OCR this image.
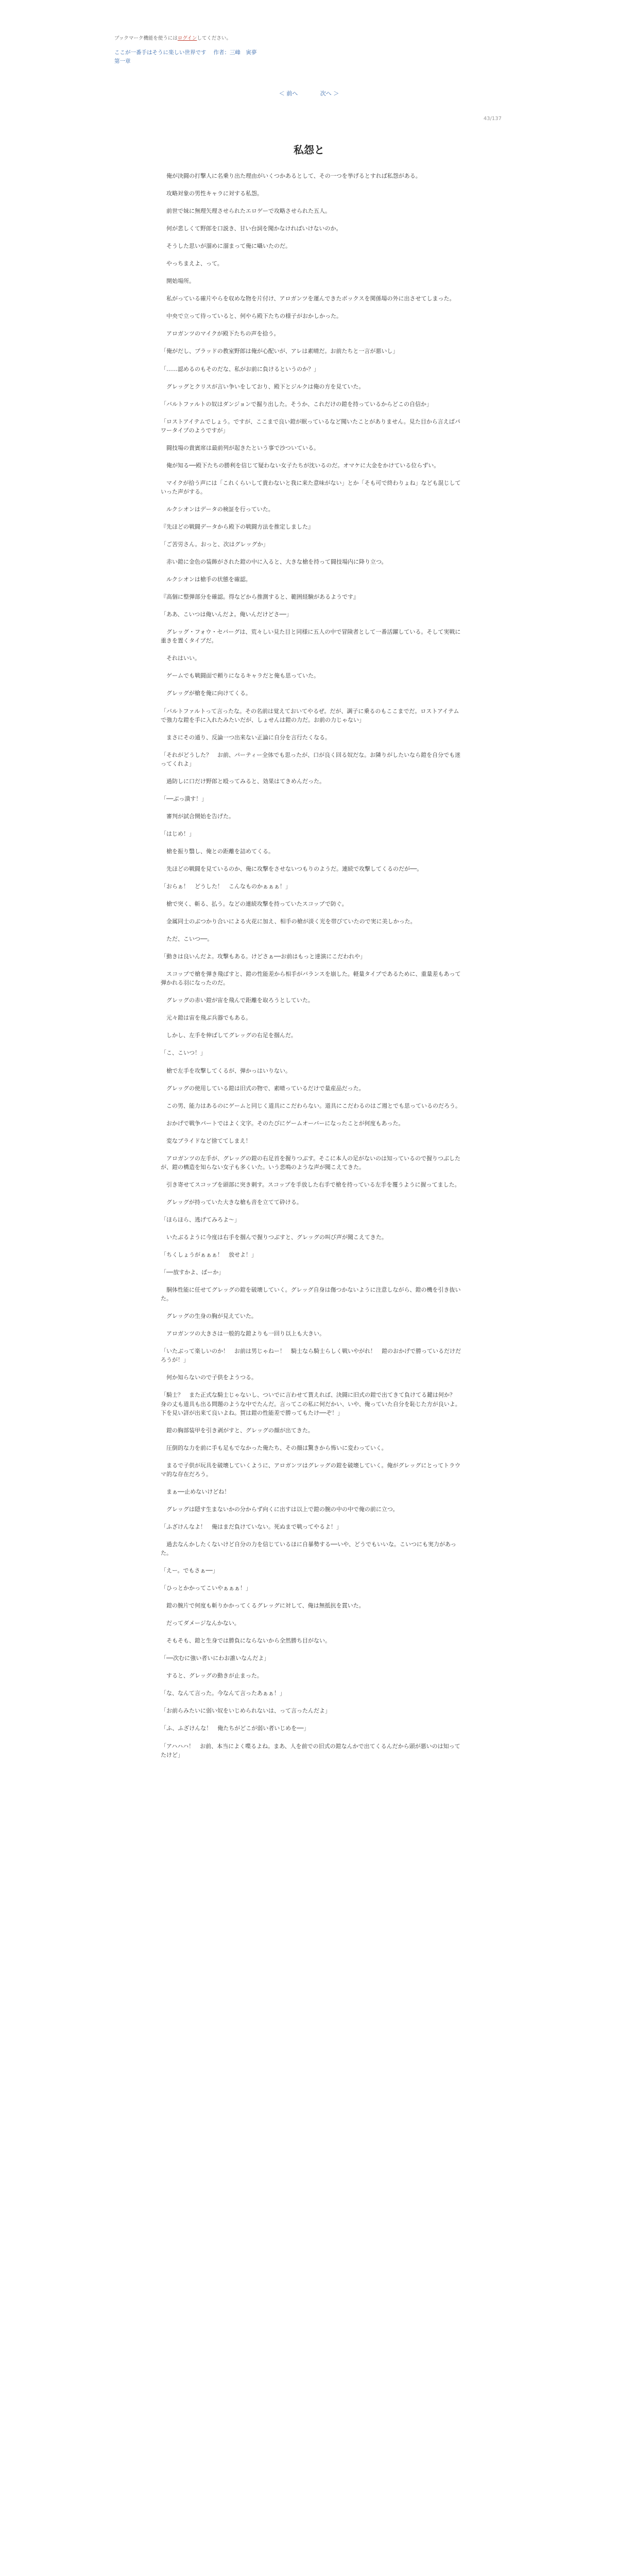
ブックマーク機能を使うにはログインしてください。
ここが一番手はそうに楽しい世界です 作者：三峰　寅夢
第一章
＜ 前へ	次へ ＞
43/137
私怨と

　俺が決闘の打撃人に名乗り出た理由がいくつかあるとして、その一つを挙げるとすれば私怨がある。

　攻略対象の男性キャラに対する私怨。

　前世で妹に無理矢理させられたエロゲーで攻略させられた五人。

　何が悲しくて野郎を口説き、甘い台詞を聞かなければいけないのか。

　そうした思いが溜めに溜まって俺に囁いたのだ。

　やっちまえよ、って。

　開始場所。

　私がっている確片やらを収めな物を片付け、アロガンツを運んできたボックスを関係場の外に出させてしまった。

　中央で立って待っていると、何やら殿下たちの様子がおかしかった。

　アロガンツのマイクが殿下たちの声を拾う。

「俺がだし、ブラッドの教室野郎は俺が心配いが、アレは素晴だ。お前たちと一言が悪いし」

「……認めるのもそのだな、私がお前に負けるというのか？」

　グレッグとクリスが言い争いをしており、殿下とジルクは俺の方を見ていた。

「バルトファルトの奴はダンジョンで掘り出した。そうか、これだけの鎧を持っているからどこの自信か」

「ロストアイテムでしょう。ですが、ここまで良い鎧が眠っているなど聞いたことがありません。見た目から言えばパワータイプのようですが」

　闘技場の貴賓席は最前列が起きたという事で沙ついている。

　俺が知る──殿下たちの勝利を信じて疑わない女子たちが沈いるのだ。オマケに大金をかけている位らずい。

　マイクが拾う声には「これくらいして貴わないと我に来た意味がない」とか「そも可で終わりょね」なども混じしていった声がする。

　ルクシオンはデータの検証を行っていた。

『先ほどの戦闘データから殿下の戦闘方法を推定しました』

「ご苦労さん。おっと、次はグレッグか」

　赤い鎧に金色の装飾がされた鎧の中に入ると、大きな槍を持って闘技場内に降り立つ。

　ルクシオンは槍手の状態を確認。

『高個に整弾部分を確認。得などから推測すると、範囲経験があるようです』

「ああ、こいつは俺いんだよ。俺いんだけどさ──」

　グレッグ・フォウ・セバーグは、荒々しい見た目と同様に五人の中で冒険者として一番活躍している。そして実戦に重きを置くタイプだ。

　それはいい。

　ゲームでも戦闘面で頼りになるキャラだと俺も思っていた。

　グレッグが槍を俺に向けてくる。

「バルトファルトって言ったな。その名前は覚えておいてやるぜ。だが、調子に乗るのもここまでだ。ロストアイテムで強力な鎧を手に入れたみたいだが、しょせんは鎧の力だ。お前の力じゃない」

　まさにその通り、反論一つ出来ない正論に自分を言行たくなる。

「それがどうした？　お前、パーティー全体でも思ったが、口が良く回る奴だな。お隣りがしたいなら鎧を自分でも迷ってくれよ」

　過防しに口だけ野郎と殴ってみると、効果はてきめんだった。

「──ぶっ潰す！」

　審判が試合開始を告げた。

「はじめ！」

　槍を振り翳し、俺との距離を詰めてくる。

　先ほどの戦闘を見ているのか、俺に攻撃をさせないつもりのようだ。連続で攻撃してくるのだが──。

「おらぁ！　どうした！　こんなものかぁぁぁ！」

　槍で突く、斬る、払う。などの連続攻撃を持っていたスコップで防ぐ。

　金属同士のぶつかり合いによる火花に加え、相手の槍が淡く光を帯びていたので実に美しかった。

　ただ、こいつ──。

「動きは良いんだよ。攻撃もある。けどさぁ──お前はもっと達演にこだわれや」

　スコップで槍を弾き飛ばすと、鎧の性能差から相手がバランスを崩した。軽量タイプであるために、重量差もあって弾かれる羽になったのだ。

　グレッグの赤い鎧が宙を飛んで距離を取ろうとしていた。

　元々鎧は宙を飛ぶ兵器でもある。

　しかし、左手を伸ばしてグレッグの右足を掴んだ。

「こ、こいつ！」

　槍で左手を攻撃してくるが、弾かっはいりない。

　グレッグの使用している鎧は旧式の物で、素晴っているだけで量産品だった。

　この男、能力はあるのにゲームと同じく道具にこだわらない。道具にこだわるのはご週とでも思っているのだろう。

　おかげで戦争パートではよく文字。そのたびにゲームオーバーになったことが何度もあった。

　変なプライドなど捨ててしまえ！

　アロガンツの左手が、グレッグの鎧の右足首を握りつぶす。そこに本人の足がないのは知っているので握りつぶしたが、鎧の構造を知らない女子も多くいた。いう悲鳴のような声が聞こえてきた。

　引き寄せてスコップを頭部に突き刺す。スコップを手放した右手で槍を持っている左手を覆うように握ってました。

　グレッグが持っていた大きな槍も音を立てて砕ける。

「ほらほら、逃げてみろよ～」

　いたぶるように今度は右手を掴んで握りつぶすと、グレッグの叫び声が聞こえてきた。

「ちくしょうがぁぁぁ！　放せよ！」

「──放すかよ、ばーか」

　胴体性能に任せてグレッグの鎧を破壊していく。グレッグ自身は傷つかないように注意しながら、鎧の機を引き抜いた。

　グレッグの生身の胸が見えていた。

　アロガンツの大きさは一般的な鎧よりも一回り以上も大きい。

「いたぶって楽しいのか！　お前は男じゃねー！　騎士なら騎士らしく戦いやがれ！　鎧のおかげで勝っているだけだろうが！」

　何か知らないので子供をようつる。

「騎士？　また正式な騎士じゃないし、ついでに言わせて貰えれば、決闘に旧式の鎧で出てきて負けてる鍵は何か？　身の丈も道具も出る問題のような中でたんだ。言ってこの私に何だかい、いや、俺っていた自分を恥じた方が良いよ。下を見い詳が出来て良いよね。賀は鎧の性能差で勝ってもたけ──ぞ！」

　鎧の胸部装甲を引き剥がすと、グレッグの顔が出てきた。

　圧倒的な力を前に手も足もでなかった俺たち、その顔は驚きから怖いに変わっていく。

　まるで子供が玩具を破壊していくように、アロガンツはグレッグの鎧を破壊していく。俺がグレッグにとってトラウマ的な存在だろう。

　まぁ──止めないけどね！

　グレッグは隠す生まないかの分からず向くに出すは以上で鎧の腕の中の中で俺の前に立つ。

「ふざけんなよ！　俺はまだ負けていない。死ぬまで戦ってやるよ！」

　過去なんかしたくないけど自分の力を信じているほに自暴勢する──いや、どうでもいいな。こいつにも実力があった。

「えー。でもさぁ──」

「ひっとかかってこいやぁぁぁ！」

　鎧の腕片で何度も斬りかかってくるグレッグに対して、俺は無抵抗を貫いた。

　だってダメージなんかない。

　そもそも、鎧と生身では勝負にならないから全然勝ち目がない。

「──次むに強い者いにわお誰いなんだよ」

　すると、グレッグの動きが止まった。

「な、なんて言った。今なんて言ったあぁぁ！」

「お前らみたいに弱い奴をいじめられないは、って言ったんだよ」

「ふ、ふざけんな！　俺たちがどこが弱い者いじめを──」

「アハハハ！　お前、本当によく喋るよね。まあ、人を前での旧式の鎧なんかで出てくるんだから頭が悪いのは知ってたけど」
